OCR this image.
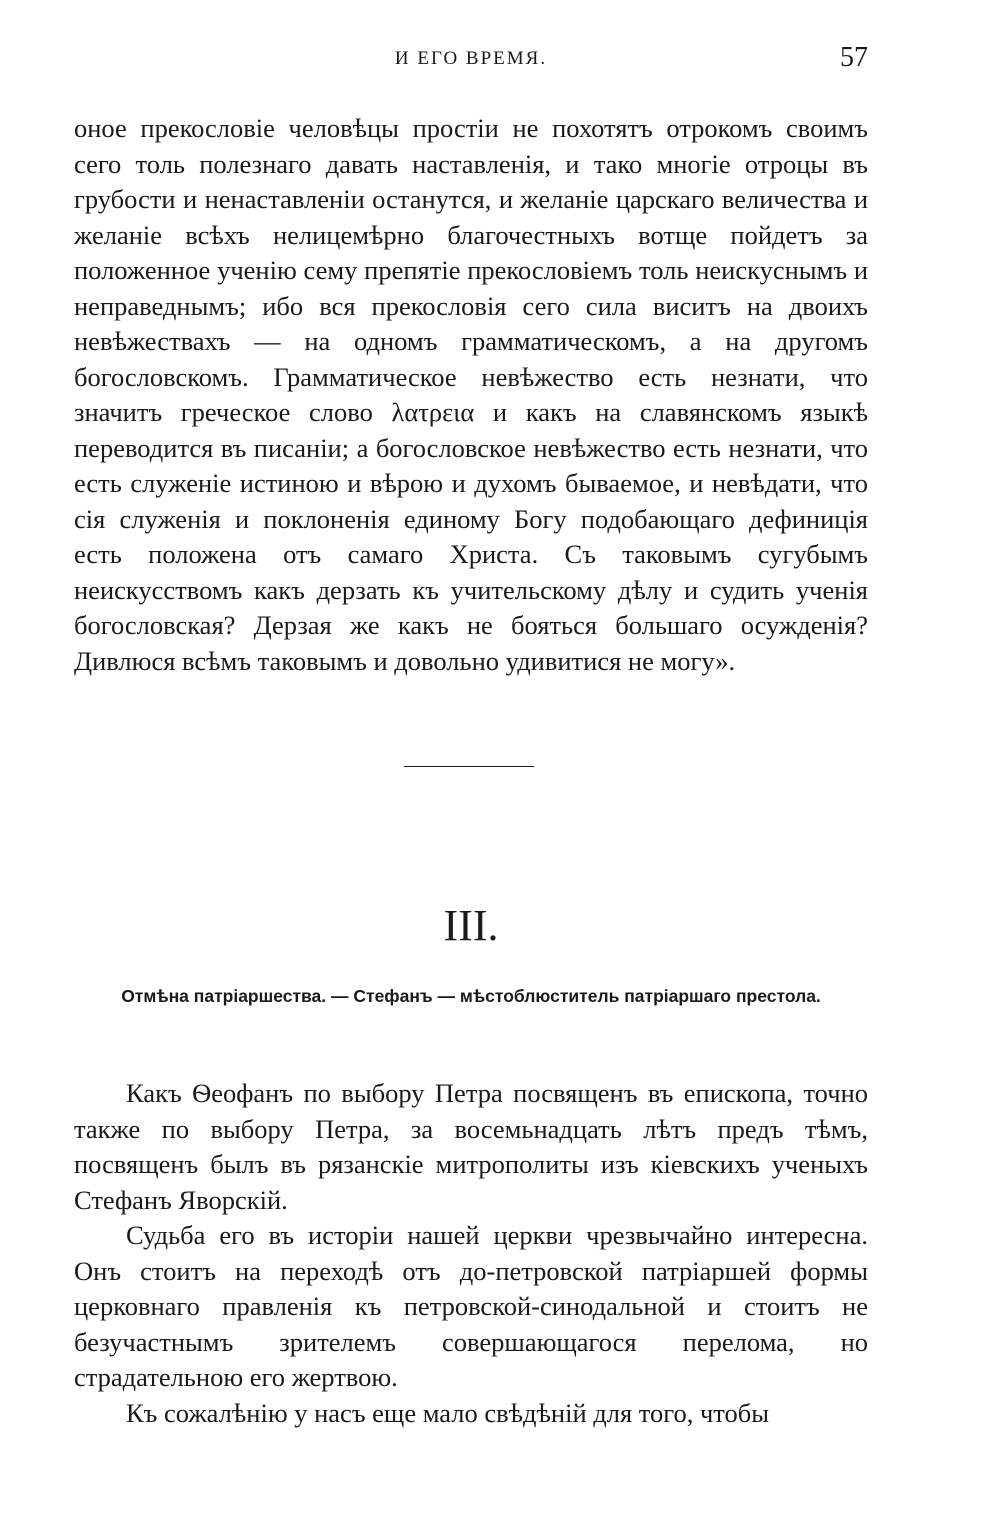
И ЕГО ВРЕМЯ.	57

оное прекословіе человѣцы простіи не похотятъ отрокомъ своимъ сего толь полезнаго давать наставленія, и тако многіе отроцы въ грубости и ненаставленіи останутся, и желаніе царскаго величества и желаніе всѣхъ нелицемѣрно благочестныхъ вотще пойдетъ за положенное ученію сему препятіе прекословіемъ толь неискуснымъ и неправеднымъ; ибо вся прекословія сего сила виситъ на двоихъ невѣжествахъ — на одномъ грамматическомъ, а на другомъ богословскомъ. Грамматическое невѣжество есть незнати, что значитъ греческое слово λατρεια и какъ на славянскомъ языкѣ переводится въ писаніи; а богословское невѣжество есть незнати, что есть служеніе истиною и вѣрою и духомъ бываемое, и невѣдати, что сія служенія и поклоненія единому Богу подобающаго дефиниція есть положена отъ самаго Христа. Съ таковымъ сугубымъ неискусствомъ какъ дерзать къ учительскому дѣлу и судить ученія богословская? Дерзая же какъ не бояться большаго осужденія? Дивлюся всѣмъ таковымъ и довольно удивитися не могу».

III.
Отмѣна патріаршества. — Стефанъ — мѣстоблюститель патріаршаго престола.

Какъ Ѳеофанъ по выбору Петра посвященъ въ епископа, точно также по выбору Петра, за восемьнадцать лѣтъ предъ тѣмъ, посвященъ былъ въ рязанскіе митрополиты изъ кіевскихъ ученыхъ Стефанъ Яворскій.

Судьба его въ исторіи нашей церкви чрезвычайно интересна. Онъ стоитъ на переходѣ отъ до-петровской патріаршей формы церковнаго правленія къ петровской-синодальной и стоитъ не безучастнымъ зрителемъ совершающагося перелома, но страдательною его жертвою.

Къ сожалѣнію у насъ еще мало свѣдѣній для того, чтобы
